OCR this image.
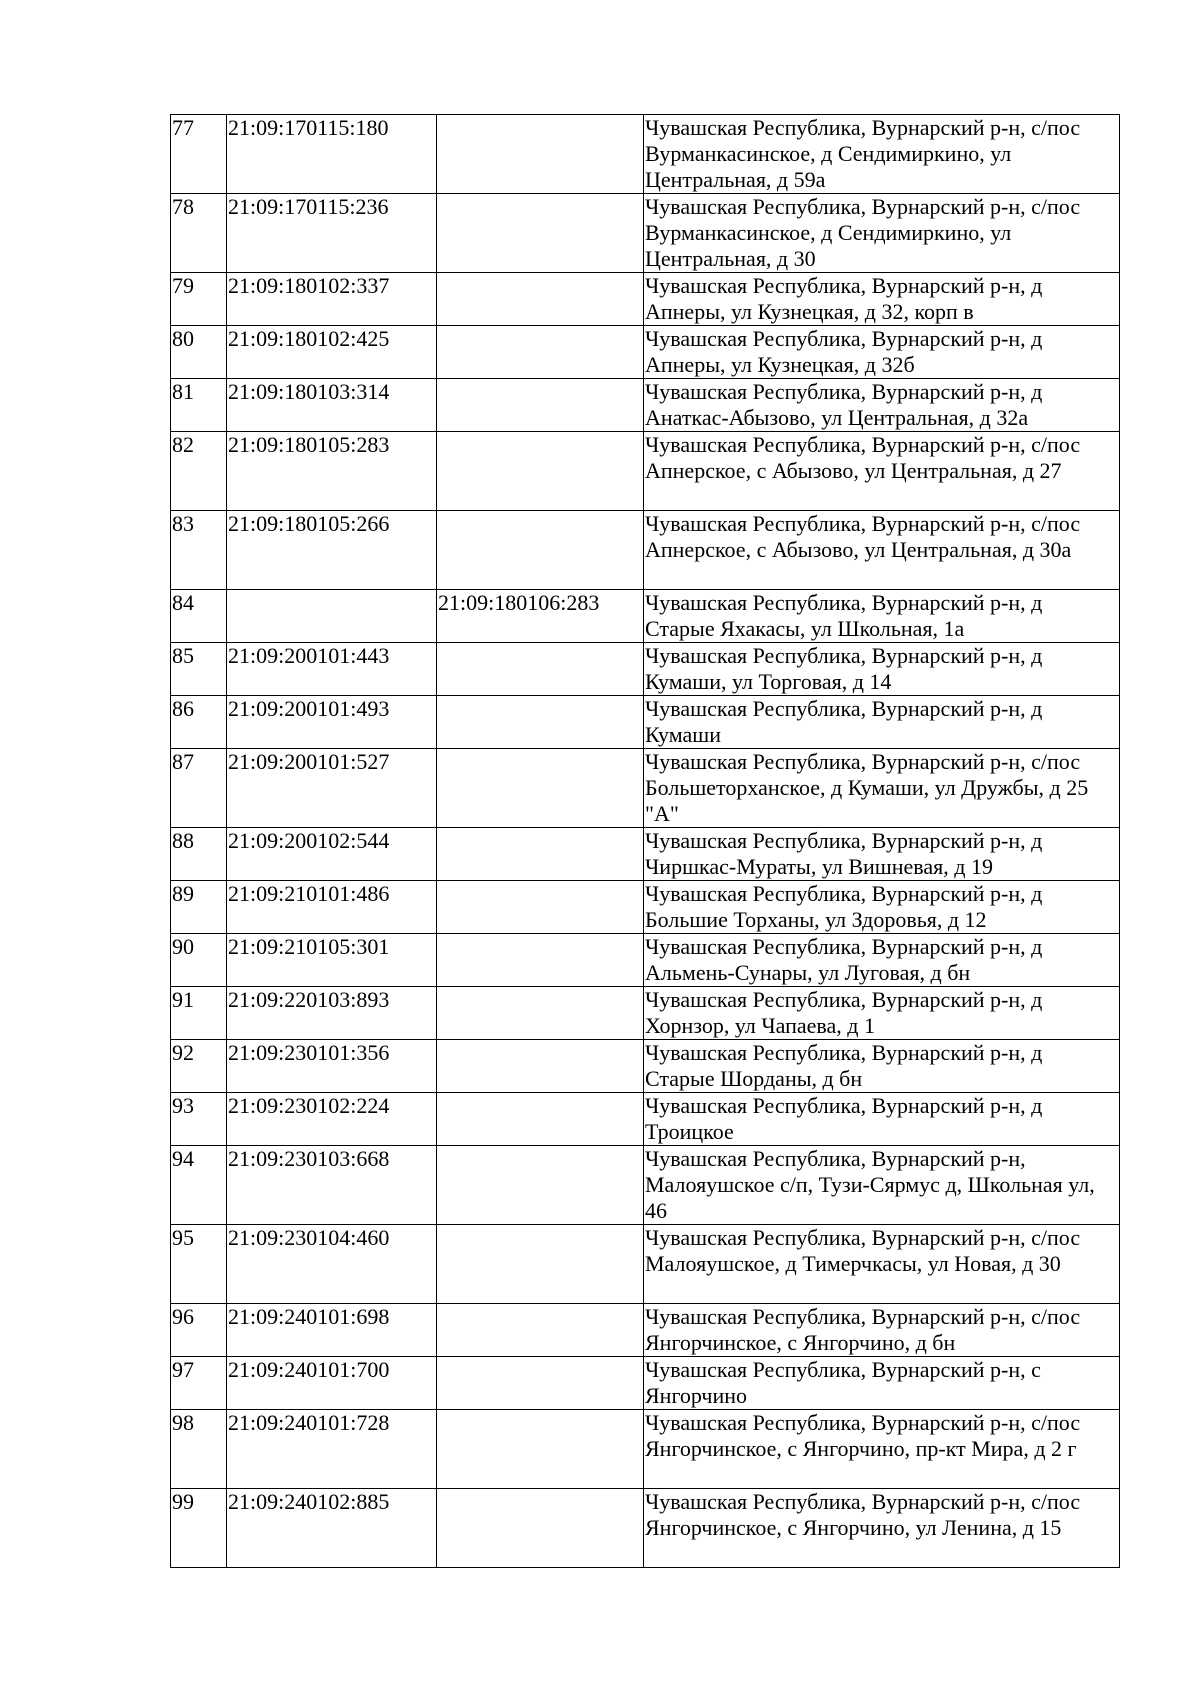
77	21:09:170115:180		Чувашская Республика, Вурнарский р-н, с/пос Вурманкасинское, д Сендимиркино, ул Центральная, д 59а
78	21:09:170115:236		Чувашская Республика, Вурнарский р-н, с/пос Вурманкасинское, д Сендимиркино, ул Центральная, д 30
79	21:09:180102:337		Чувашская Республика, Вурнарский р-н, д Апнеры, ул Кузнецкая, д 32, корп в
80	21:09:180102:425		Чувашская Республика, Вурнарский р-н, д Апнеры, ул Кузнецкая, д 32б
81	21:09:180103:314		Чувашская Республика, Вурнарский р-н, д Анаткас-Абызово, ул Центральная, д 32а
82	21:09:180105:283		Чувашская Республика, Вурнарский р-н, с/пос Апнерское, с Абызово, ул Центральная, д 27
83	21:09:180105:266		Чувашская Республика, Вурнарский р-н, с/пос Апнерское, с Абызово, ул Центральная, д 30а
84		21:09:180106:283	Чувашская Республика, Вурнарский р-н, д Старые Яхакасы, ул Школьная, 1а
85	21:09:200101:443		Чувашская Республика, Вурнарский р-н, д Кумаши, ул Торговая, д 14
86	21:09:200101:493		Чувашская Республика, Вурнарский р-н, д Кумаши
87	21:09:200101:527		Чувашская Республика, Вурнарский р-н, с/пос Большеторханское, д Кумаши, ул Дружбы, д 25 "А"
88	21:09:200102:544		Чувашская Республика, Вурнарский р-н, д Чиршкас-Мураты, ул Вишневая, д 19
89	21:09:210101:486		Чувашская Республика, Вурнарский р-н, д Большие Торханы, ул Здоровья, д 12
90	21:09:210105:301		Чувашская Республика, Вурнарский р-н, д Альмень-Сунары, ул Луговая, д бн
91	21:09:220103:893		Чувашская Республика, Вурнарский р-н, д Хорнзор, ул Чапаева, д 1
92	21:09:230101:356		Чувашская Республика, Вурнарский р-н, д Старые Шорданы, д бн
93	21:09:230102:224		Чувашская Республика, Вурнарский р-н, д Троицкое
94	21:09:230103:668		Чувашская Республика, Вурнарский р-н, Малояушское с/п, Тузи-Сярмус д, Школьная ул, 46
95	21:09:230104:460		Чувашская Республика, Вурнарский р-н, с/пос Малояушское, д Тимерчкасы, ул Новая, д 30
96	21:09:240101:698		Чувашская Республика, Вурнарский р-н, с/пос Янгорчинское, с Янгорчино, д бн
97	21:09:240101:700		Чувашская Республика, Вурнарский р-н, с Янгорчино
98	21:09:240101:728		Чувашская Республика, Вурнарский р-н, с/пос Янгорчинское, с Янгорчино, пр-кт Мира, д 2 г
99	21:09:240102:885		Чувашская Республика, Вурнарский р-н, с/пос Янгорчинское, с Янгорчино, ул Ленина, д 15
